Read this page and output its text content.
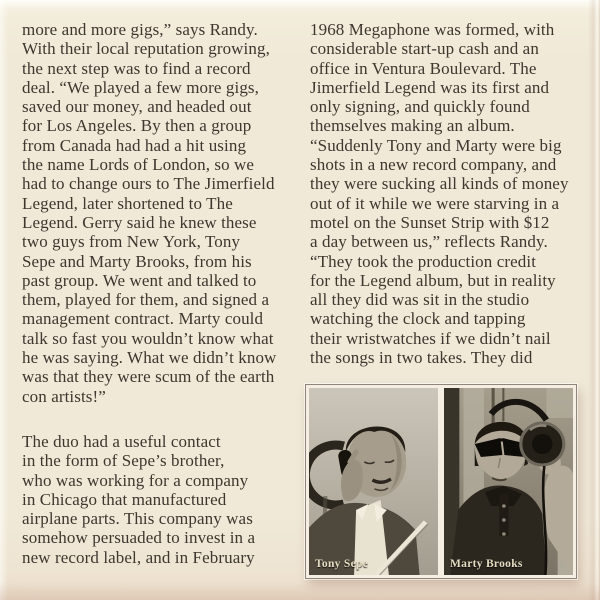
more and more gigs,” says Randy.
With their local reputation growing,
the next step was to find a record
deal. “We played a few more gigs,
saved our money, and headed out
for Los Angeles. By then a group
from Canada had had a hit using
the name Lords of London, so we
had to change ours to The Jimerfield
Legend, later shortened to The
Legend. Gerry said he knew these
two guys from New York, Tony
Sepe and Marty Brooks, from his
past group. We went and talked to
them, played for them, and signed a
management contract. Marty could
talk so fast you wouldn’t know what
he was saying. What we didn’t know
was that they were scum of the earth
con artists!”
The duo had a useful contact
in the form of Sepe’s brother,
who was working for a company
in Chicago that manufactured
airplane parts. This company was
somehow persuaded to invest in a
new record label, and in February
1968 Megaphone was formed, with
considerable start-up cash and an
office in Ventura Boulevard. The
Jimerfield Legend was its first and
only signing, and quickly found
themselves making an album.
“Suddenly Tony and Marty were big
shots in a new record company, and
they were sucking all kinds of money
out of it while we were starving in a
motel on the Sunset Strip with $12
a day between us,” reflects Randy.
“They took the production credit
for the Legend album, but in reality
all they did was sit in the studio
watching the clock and tapping
their wristwatches if we didn’t nail
the songs in two takes. They did
Tony Sepe	Marty Brooks
